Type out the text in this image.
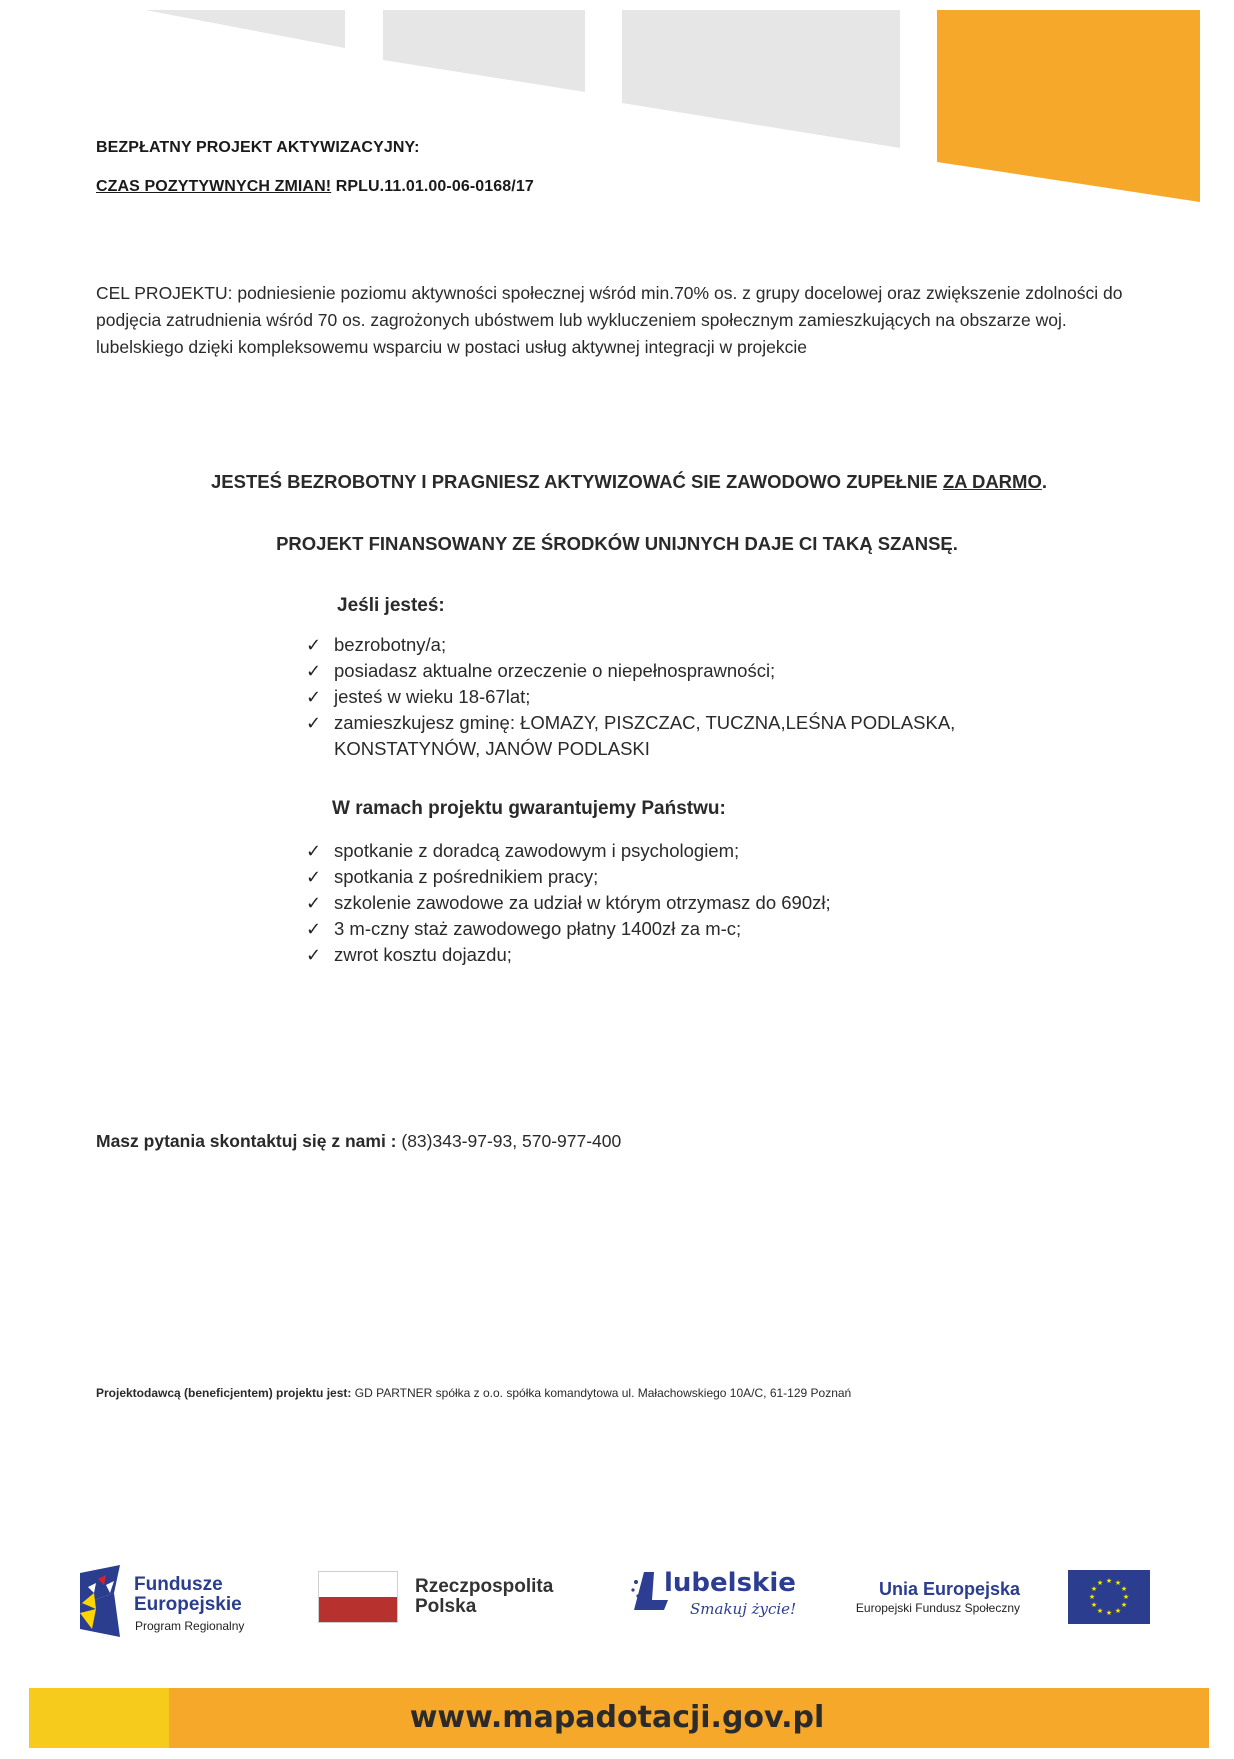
BEZPŁATNY PROJEKT AKTYWIZACYJNY:
CZAS POZYTYWNYCH ZMIAN! RPLU.11.01.00-06-0168/17
CEL PROJEKTU: podniesienie poziomu aktywności społecznej wśród min.70% os. z grupy docelowej oraz zwiększenie zdolności do podjęcia zatrudnienia wśród 70 os. zagrożonych ubóstwem lub wykluczeniem społecznym zamieszkujących na obszarze woj. lubelskiego dzięki kompleksowemu wsparciu w postaci usług aktywnej integracji w projekcie
JESTEŚ BEZROBOTNY I PRAGNIESZ AKTYWIZOWAĆ SIE ZAWODOWO ZUPEŁNIE ZA DARMO.
PROJEKT FINANSOWANY ZE ŚRODKÓW UNIJNYCH DAJE CI TAKĄ SZANSĘ.
Jeśli jesteś:
✓ bezrobotny/a;
✓ posiadasz aktualne orzeczenie o niepełnosprawności;
✓ jesteś w wieku 18-67lat;
✓ zamieszkujesz gminę: ŁOMAZY, PISZCZAC, TUCZNA,LEŚNA PODLASKA, KONSTATYNÓW, JANÓW PODLASKI
W ramach projektu gwarantujemy Państwu:
✓ spotkanie z doradcą zawodowym i psychologiem;
✓ spotkania z pośrednikiem pracy;
✓ szkolenie zawodowe za udział w którym otrzymasz do 690zł;
✓ 3 m-czny staż zawodowego płatny 1400zł za m-c;
✓ zwrot kosztu dojazdu;
Masz pytania skontaktuj się z nami : (83)343-97-93, 570-977-400
Projektodawcą (beneficjentem) projektu jest: GD PARTNER spółka z o.o. spółka komandytowa ul. Małachowskiego 10A/C, 61-129 Poznań
Fundusze
Europejskie
Program Regionalny
Rzeczpospolita
Polska
lubelskie
Smakuj życie!
Unia Europejska
Europejski Fundusz Społeczny
★ ★
★
★
★
★
★
★
★
★
★
★
www.mapadotacji.gov.pl
